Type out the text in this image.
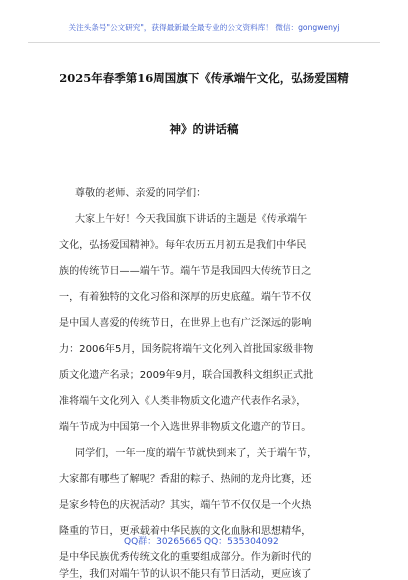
关注头条号"公文研究"，获得最新最全最专业的公文资料库！ 微信：gongwenyj
2025年春季第16周国旗下《传承端午文化，弘扬爱国精
神》的讲话稿
尊敬的老师、亲爱的同学们：
大家上午好！今天我国旗下讲话的主题是《传承端午
文化，弘扬爱国精神》。每年农历五月初五是我们中华民
族的传统节日——端午节。端午节是我国四大传统节日之
一，有着独特的文化习俗和深厚的历史底蕴。端午节不仅
是中国人喜爱的传统节日，在世界上也有广泛深远的影响
力：2006年5月，国务院将端午文化列入首批国家级非物
质文化遗产名录；2009年9月，联合国教科文组织正式批
准将端午文化列入《人类非物质文化遗产代表作名录》，
端午节成为中国第一个入选世界非物质文化遗产的节日。
同学们，一年一度的端午节就快到来了，关于端午节，
大家都有哪些了解呢？香甜的粽子、热闹的龙舟比赛，还
是家乡特色的庆祝活动？其实，端午节不仅仅是一个火热
隆重的节日，更承载着中华民族的文化血脉和思想精华，
是中华民族优秀传统文化的重要组成部分。作为新时代的
学生，我们对端午节的认识不能只有节日活动，更应该了
QQ群：30265665 QQ：535304092
